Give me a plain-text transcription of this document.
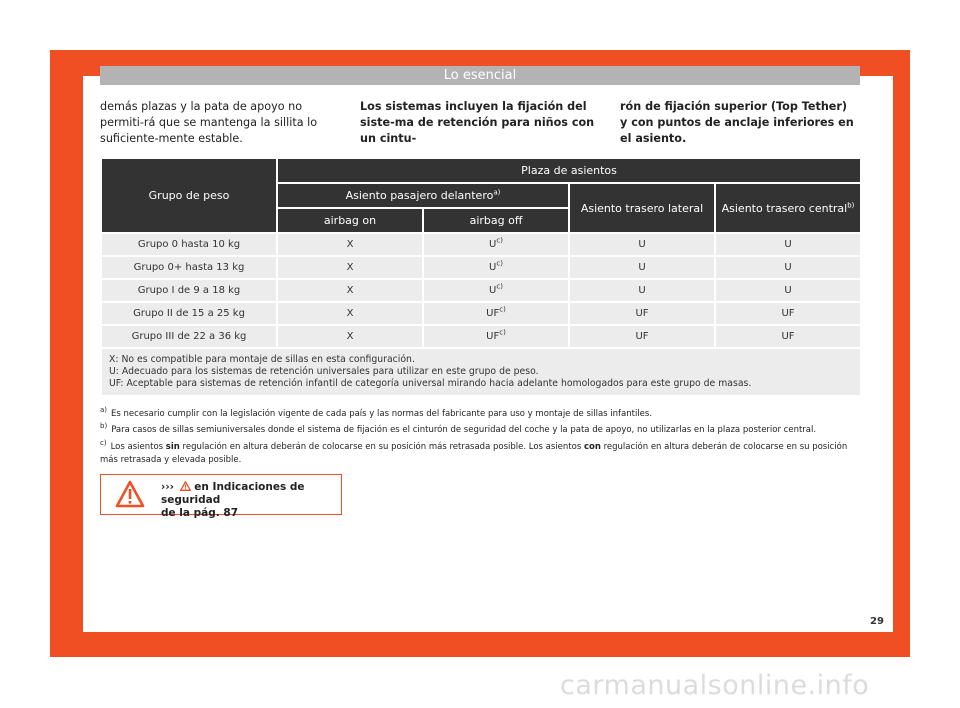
Lo esencial
demás plazas y la pata de apoyo no permiti-rá que se mantenga la sillita lo suficiente-mente estable.
Los sistemas incluyen la fijación del siste-ma de retención para niños con un cintu-
rón de fijación superior (Top Tether) y con puntos de anclaje inferiores en el asiento.
Grupo de peso	Plaza de asientos			
	Asiento pasajero delantero$^{a)}$		Asiento trasero lateral	Asiento trasero central$^{b)}$
	airbag on	airbag off		
Grupo 0 hasta 10 kg	X	$U^{c)}$	U	U
Grupo 0+ hasta 13 kg	X	$U^{c)}$	U	U
Grupo I de 9 a 18 kg	X	$U^{c)}$	U	U
Grupo II de 15 a 25 kg	X	UF$^{c)}$	UF	UF
Grupo III de 22 a 36 kg	X	UF$^{c)}$	UF	UF

X: No es compatible para montaje de sillas en esta configuración.
U: Adecuado para los sistemas de retención universales para utilizar en este grupo de peso.
UF: Aceptable para sistemas de retención infantil de categoría universal mirando hacia adelante homologados para este grupo de masas.				
$^{a)}$ Es necesario cumplir con la legislación vigente de cada país y las normas del fabricante para uso y montaje de sillas infantiles.
$^{b)}$ Para casos de sillas semiuniversales donde el sistema de fijación es el cinturón de seguridad del coche y la pata de apoyo, no utilizarlas en la plaza posterior central.
$^{c)}$ Los asientos sin regulación en altura deberán de colocarse en su posición más retrasada posible. Los asientos con regulación en altura deberán de colocarse en su posición más retrasada y elevada posible.
›››  en Indicaciones de seguridad
de la pág. 87
29
carmanualsonline.info
